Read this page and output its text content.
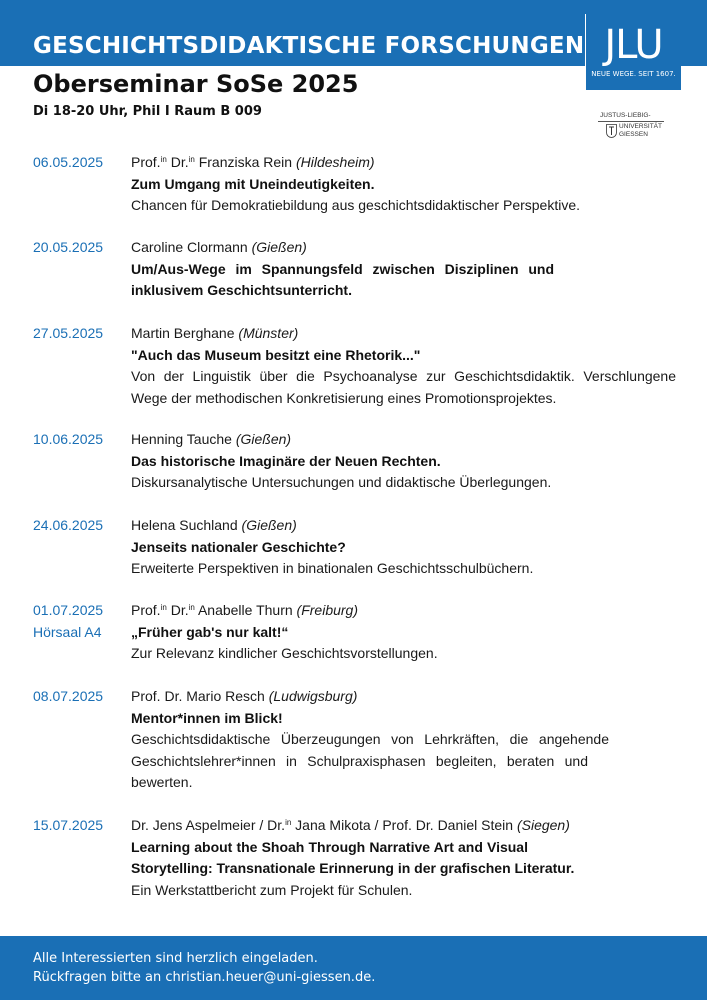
GESCHICHTSDIDAKTISCHE FORSCHUNGEN JLU
NEUE WEGE. SEIT 1607.
Oberseminar SoSe 2025
Di 18-20 Uhr, Phil I Raum B 009	JUSTUS-LIEBIG-
UNIVERSITÄT
GIESSEN
06.05.2025 Prof.$^{in}$ Dr.$^{in}$ Franziska Rein (Hildesheim)
Zum Umgang mit Uneindeutigkeiten.
Chancen für Demokratiebildung aus geschichtsdidaktischer Perspektive.
20.05.2025 Caroline Clormann (Gießen)
Um/Aus-Wege im Spannungsfeld zwischen Disziplinen und
inklusivem Geschichtsunterricht.
27.05.2025 Martin Berghane (Münster)
"Auch das Museum besitzt eine Rhetorik..."
Von der Linguistik über die Psychoanalyse zur Geschichtsdidaktik. Verschlungene
Wege der methodischen Konkretisierung eines Promotionsprojektes.
10.06.2025 Henning Tauche (Gießen)
Das historische Imaginäre der Neuen Rechten.
Diskursanalytische Untersuchungen und didaktische Überlegungen.
24.06.2025 Helena Suchland (Gießen)
Jenseits nationaler Geschichte?
Erweiterte Perspektiven in binationalen Geschichtsschulbüchern.
01.07.2025
Hörsaal A4
Prof.$^{in}$ Dr.$^{in}$ Anabelle Thurn (Freiburg)
„Früher gab's nur kalt!“
Zur Relevanz kindlicher Geschichtsvorstellungen.
08.07.2025 Prof. Dr. Mario Resch (Ludwigsburg)
Mentor*innen im Blick!
Geschichtsdidaktische Überzeugungen von Lehrkräften, die angehende
Geschichtslehrer*innen in Schulpraxisphasen begleiten, beraten und
bewerten.
15.07.2025 Dr. Jens Aspelmeier / Dr.$^{in}$ Jana Mikota / Prof. Dr. Daniel Stein (Siegen)
Learning about the Shoah Through Narrative Art and Visual
Storytelling: Transnationale Erinnerung in der grafischen Literatur.
Ein Werkstattbericht zum Projekt für Schulen.
Alle Interessierten sind herzlich eingeladen.
Rückfragen bitte an christian.heuer@uni-giessen.de.
